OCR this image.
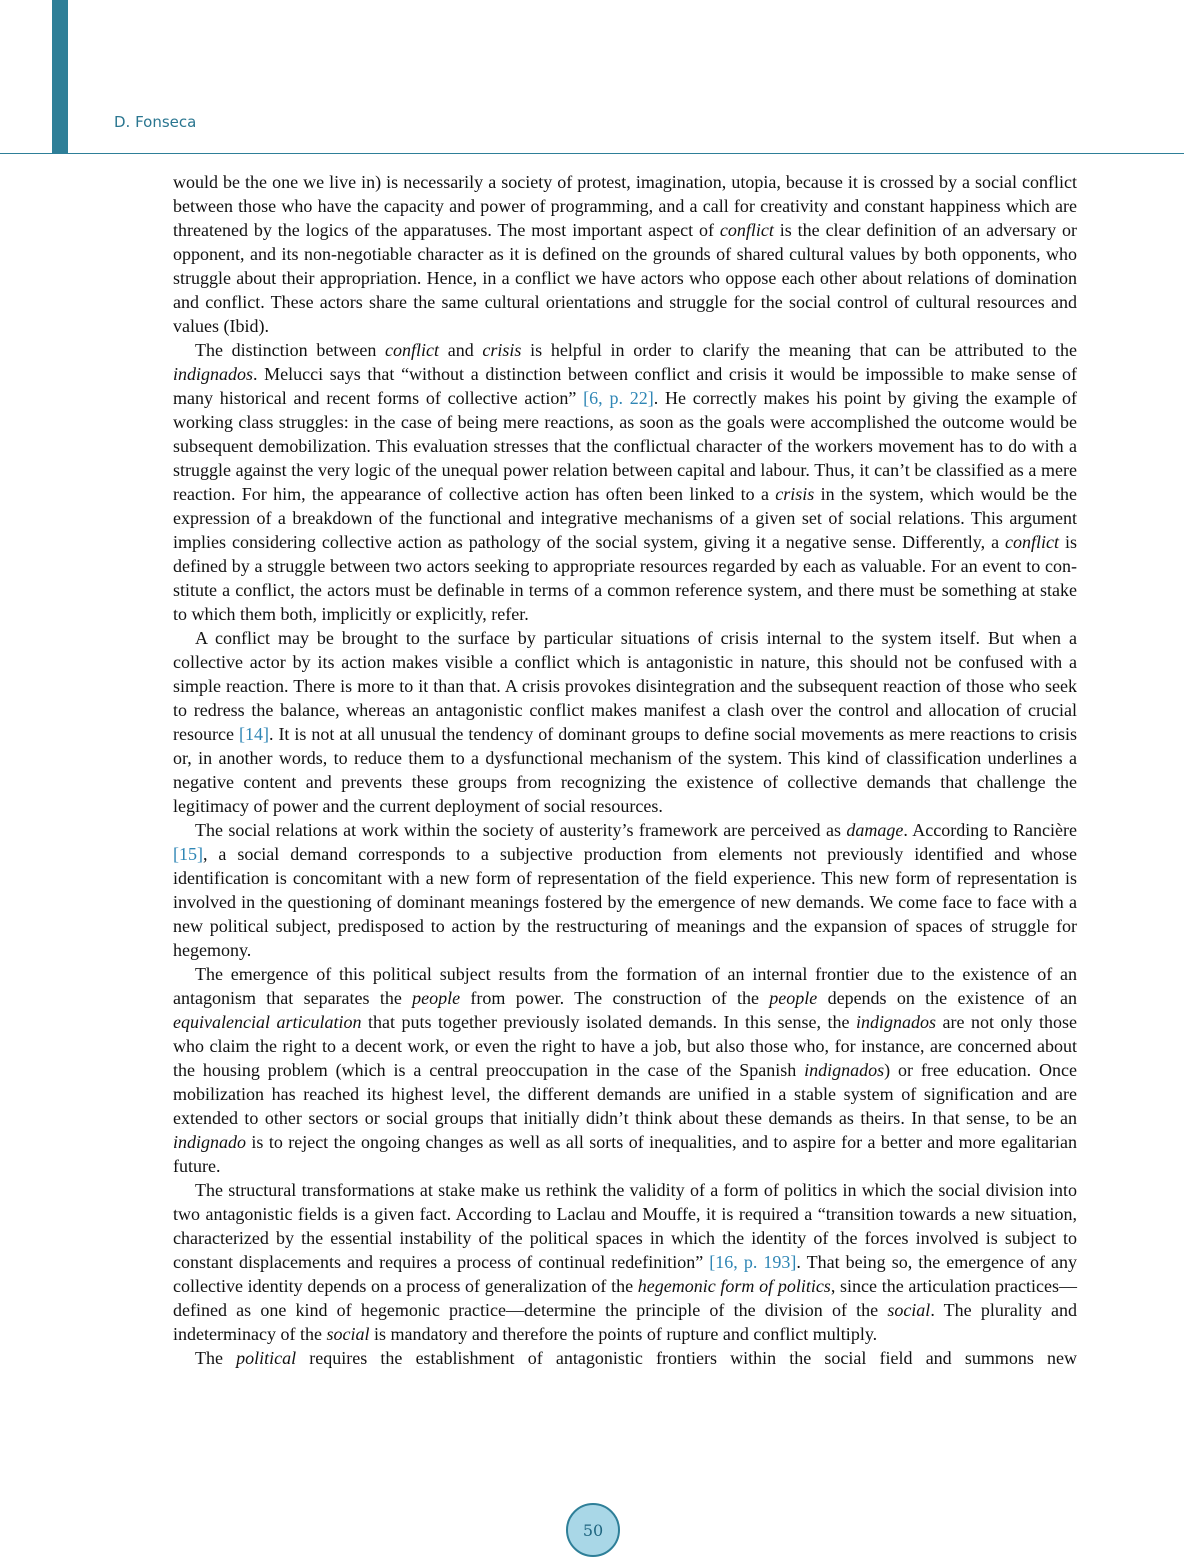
D. Fonseca

would be the one we live in) is necessarily a society of protest, imagination, utopia, because it is crossed by a social conflict between those who have the capacity and power of programming, and a call for creativity and constant happiness which are threatened by the logics of the apparatuses. The most important aspect of conflict is the clear definition of an adversary or opponent, and its non-negotiable character as it is defined on the grounds of shared cultural values by both opponents, who struggle about their appropriation. Hence, in a conflict we have actors who oppose each other about relations of domination and conflict. These actors share the same cultural orientations and struggle for the social control of cultural resources and values (Ibid).

The distinction between conflict and crisis is helpful in order to clarify the meaning that can be attributed to the indignados. Melucci says that “without a distinction between conflict and crisis it would be impossible to make sense of many historical and recent forms of collective action” [6, p. 22]. He correctly makes his point by giving the example of working class struggles: in the case of being mere reactions, as soon as the goals were accomplished the outcome would be subsequent demobilization. This evaluation stresses that the conflictual character of the workers movement has to do with a struggle against the very logic of the unequal power relation between capital and labour. Thus, it can’t be classified as a mere reaction. For him, the appearance of collective action has often been linked to a crisis in the system, which would be the expression of a breakdown of the functional and integrative mechanisms of a given set of social relations. This argument implies considering collective action as pathology of the social system, giving it a negative sense. Differently, a conflict is defined by a struggle between two actors seeking to appropriate resources regarded by each as valuable. For an event to constitute a conflict, the actors must be definable in terms of a common reference system, and there must be something at stake to which them both, implicitly or explicitly, refer.

A conflict may be brought to the surface by particular situations of crisis internal to the system itself. But when a collective actor by its action makes visible a conflict which is antagonistic in nature, this should not be confused with a simple reaction. There is more to it than that. A crisis provokes disintegration and the subsequent reaction of those who seek to redress the balance, whereas an antagonistic conflict makes manifest a clash over the control and allocation of crucial resource [14]. It is not at all unusual the tendency of dominant groups to define social movements as mere reactions to crisis or, in another words, to reduce them to a dysfunctional mechanism of the system. This kind of classification underlines a negative content and prevents these groups from recognizing the existence of collective demands that challenge the legitimacy of power and the current deployment of social resources.

The social relations at work within the society of austerity’s framework are perceived as damage. According to Rancière [15], a social demand corresponds to a subjective production from elements not previously identified and whose identification is concomitant with a new form of representation of the field experience. This new form of representation is involved in the questioning of dominant meanings fostered by the emergence of new demands. We come face to face with a new political subject, predisposed to action by the restructuring of meanings and the expansion of spaces of struggle for hegemony.

The emergence of this political subject results from the formation of an internal frontier due to the existence of an antagonism that separates the people from power. The construction of the people depends on the existence of an equivalencial articulation that puts together previously isolated demands. In this sense, the indignados are not only those who claim the right to a decent work, or even the right to have a job, but also those who, for instance, are concerned about the housing problem (which is a central preoccupation in the case of the Spanish indignados) or free education. Once mobilization has reached its highest level, the different demands are unified in a stable system of signification and are extended to other sectors or social groups that initially didn’t think about these demands as theirs. In that sense, to be an indignado is to reject the ongoing changes as well as all sorts of inequalities, and to aspire for a better and more egalitarian future.

The structural transformations at stake make us rethink the validity of a form of politics in which the social division into two antagonistic fields is a given fact. According to Laclau and Mouffe, it is required a “transition towards a new situation, characterized by the essential instability of the political spaces in which the identity of the forces involved is subject to constant displacements and requires a process of continual redefinition” [16, p. 193]. That being so, the emergence of any collective identity depends on a process of generalization of the hegemonic form of politics, since the articulation practices—defined as one kind of hegemonic practice—determine the principle of the division of the social. The plurality and indeterminacy of the social is mandatory and therefore the points of rupture and conflict multiply.

The political requires the establishment of antagonistic frontiers within the social field and summons new

50
